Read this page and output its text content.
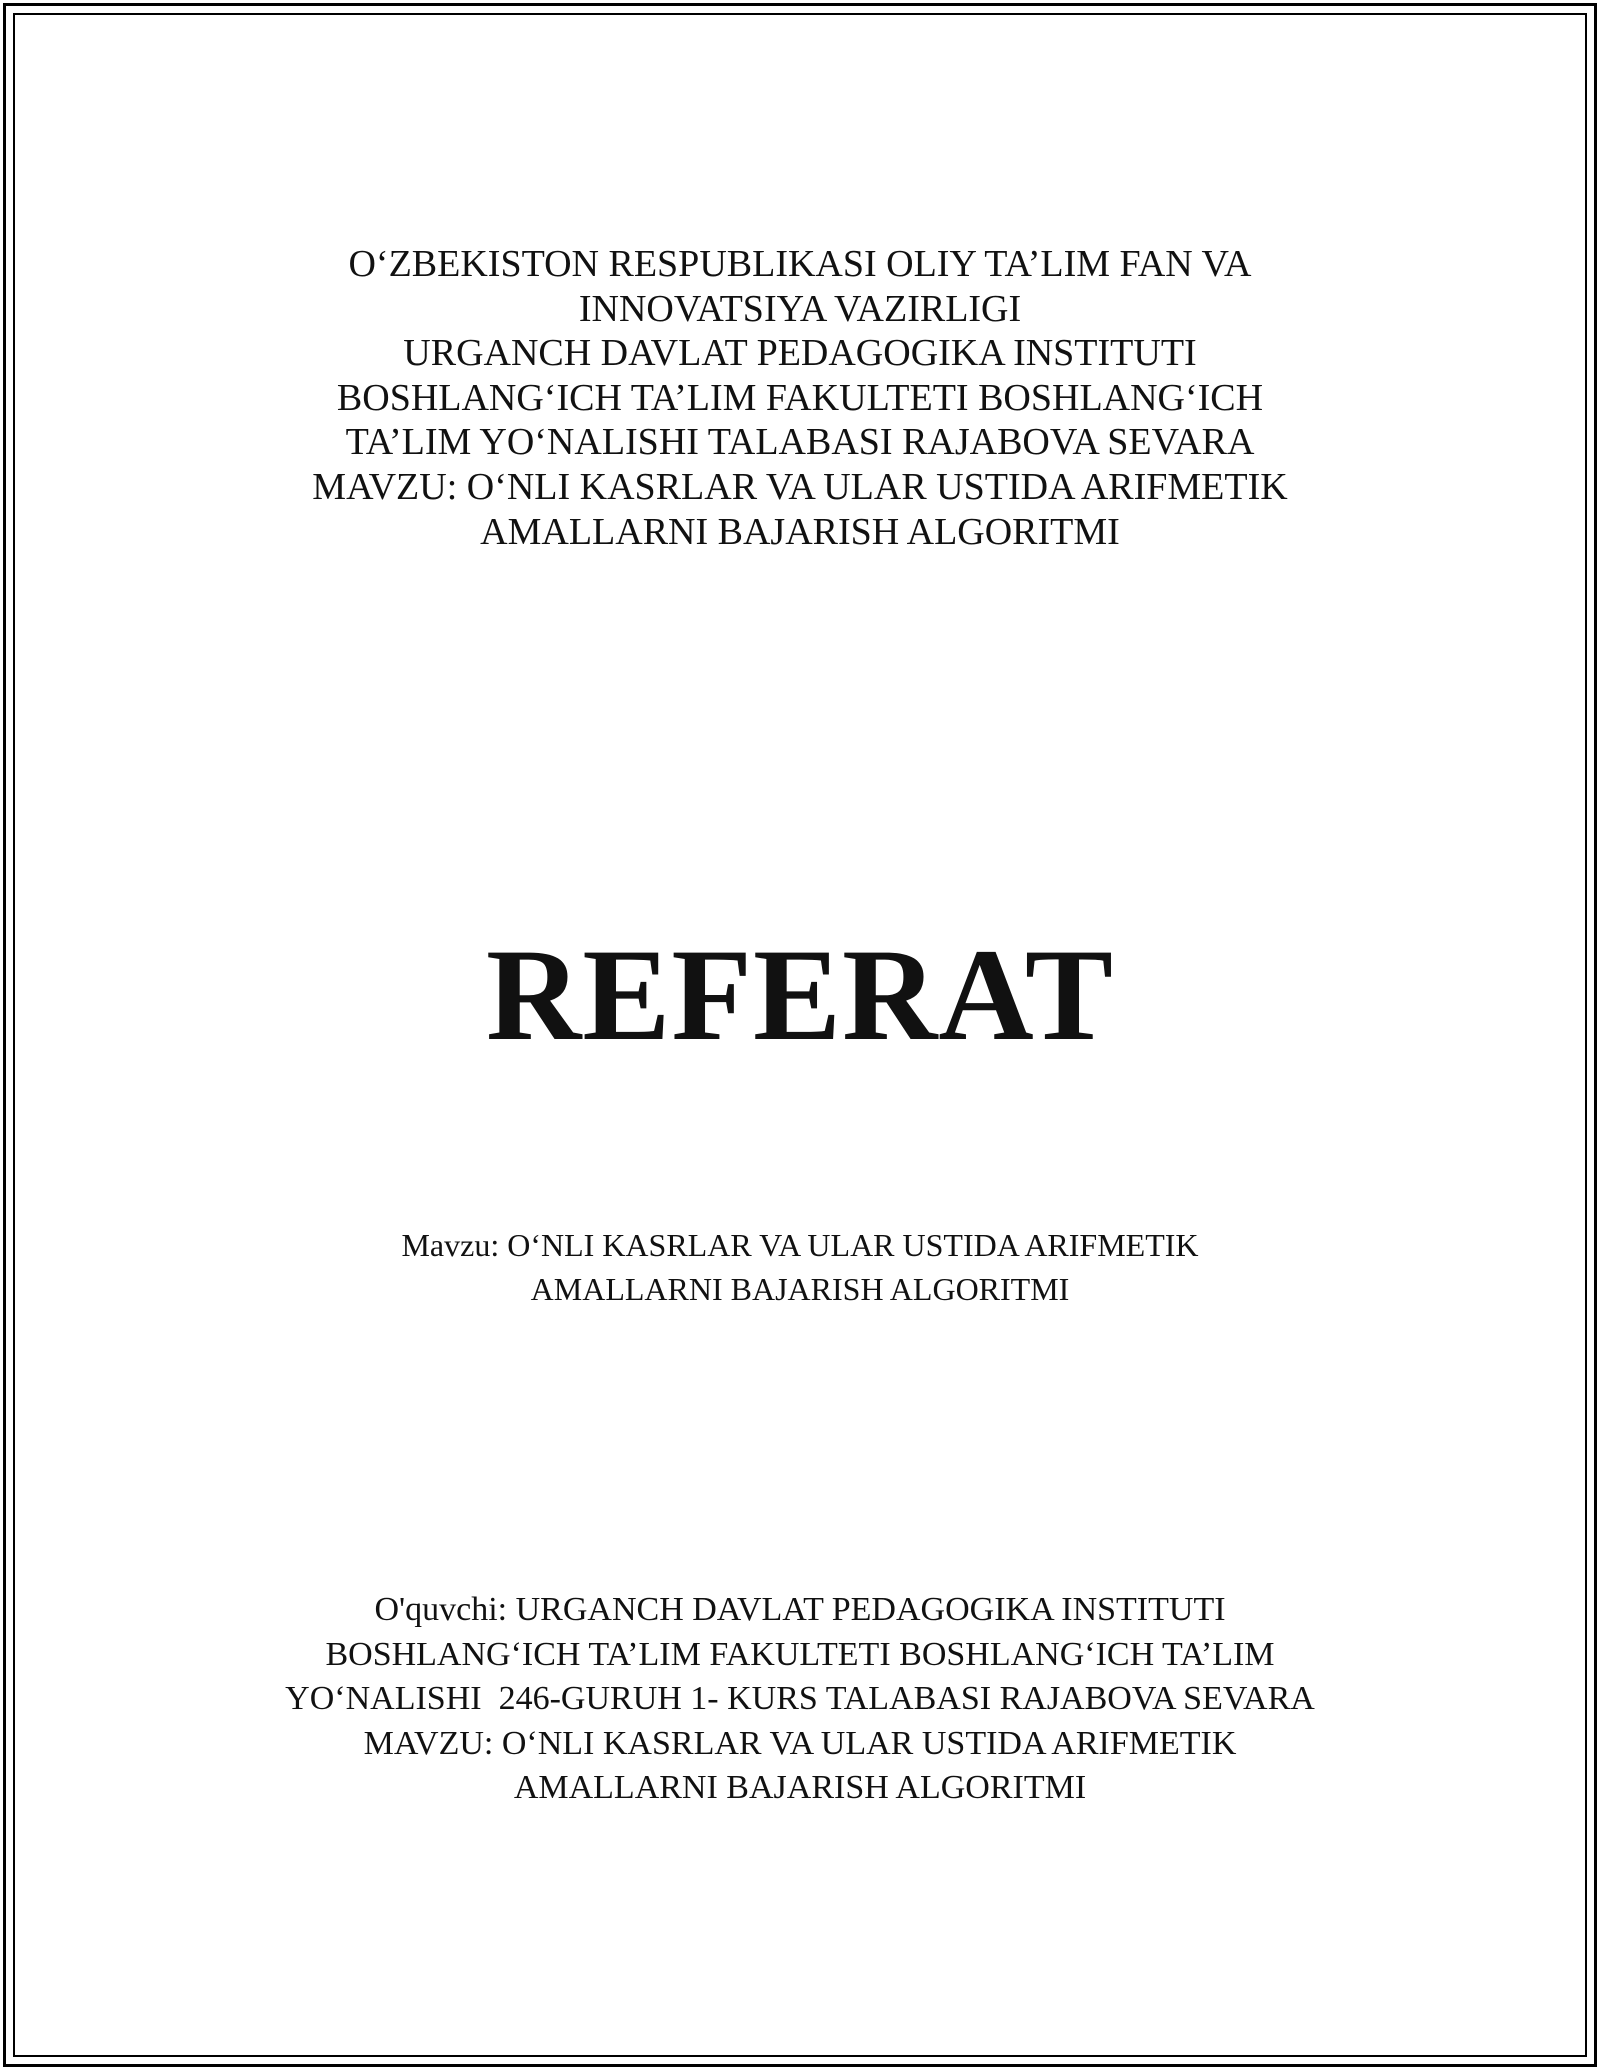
O‘ZBEKISTON RESPUBLIKASI OLIY TA’LIM FAN VA
INNOVATSIYA VAZIRLIGI
URGANCH DAVLAT PEDAGOGIKA INSTITUTI
BOSHLANG‘ICH TA’LIM FAKULTETI BOSHLANG‘ICH
TA’LIM YO‘NALISHI TALABASI RAJABOVA SEVARA
MAVZU: O‘NLI KASRLAR VA ULAR USTIDA ARIFMETIK
AMALLARNI BAJARISH ALGORITMI
REFERAT
Mavzu: O‘NLI KASRLAR VA ULAR USTIDA ARIFMETIK
AMALLARNI BAJARISH ALGORITMI
O'quvchi: URGANCH DAVLAT PEDAGOGIKA INSTITUTI
BOSHLANG‘ICH TA’LIM FAKULTETI BOSHLANG‘ICH TA’LIM
YO‘NALISHI  246-GURUH 1- KURS TALABASI RAJABOVA SEVARA
MAVZU: O‘NLI KASRLAR VA ULAR USTIDA ARIFMETIK
AMALLARNI BAJARISH ALGORITMI
